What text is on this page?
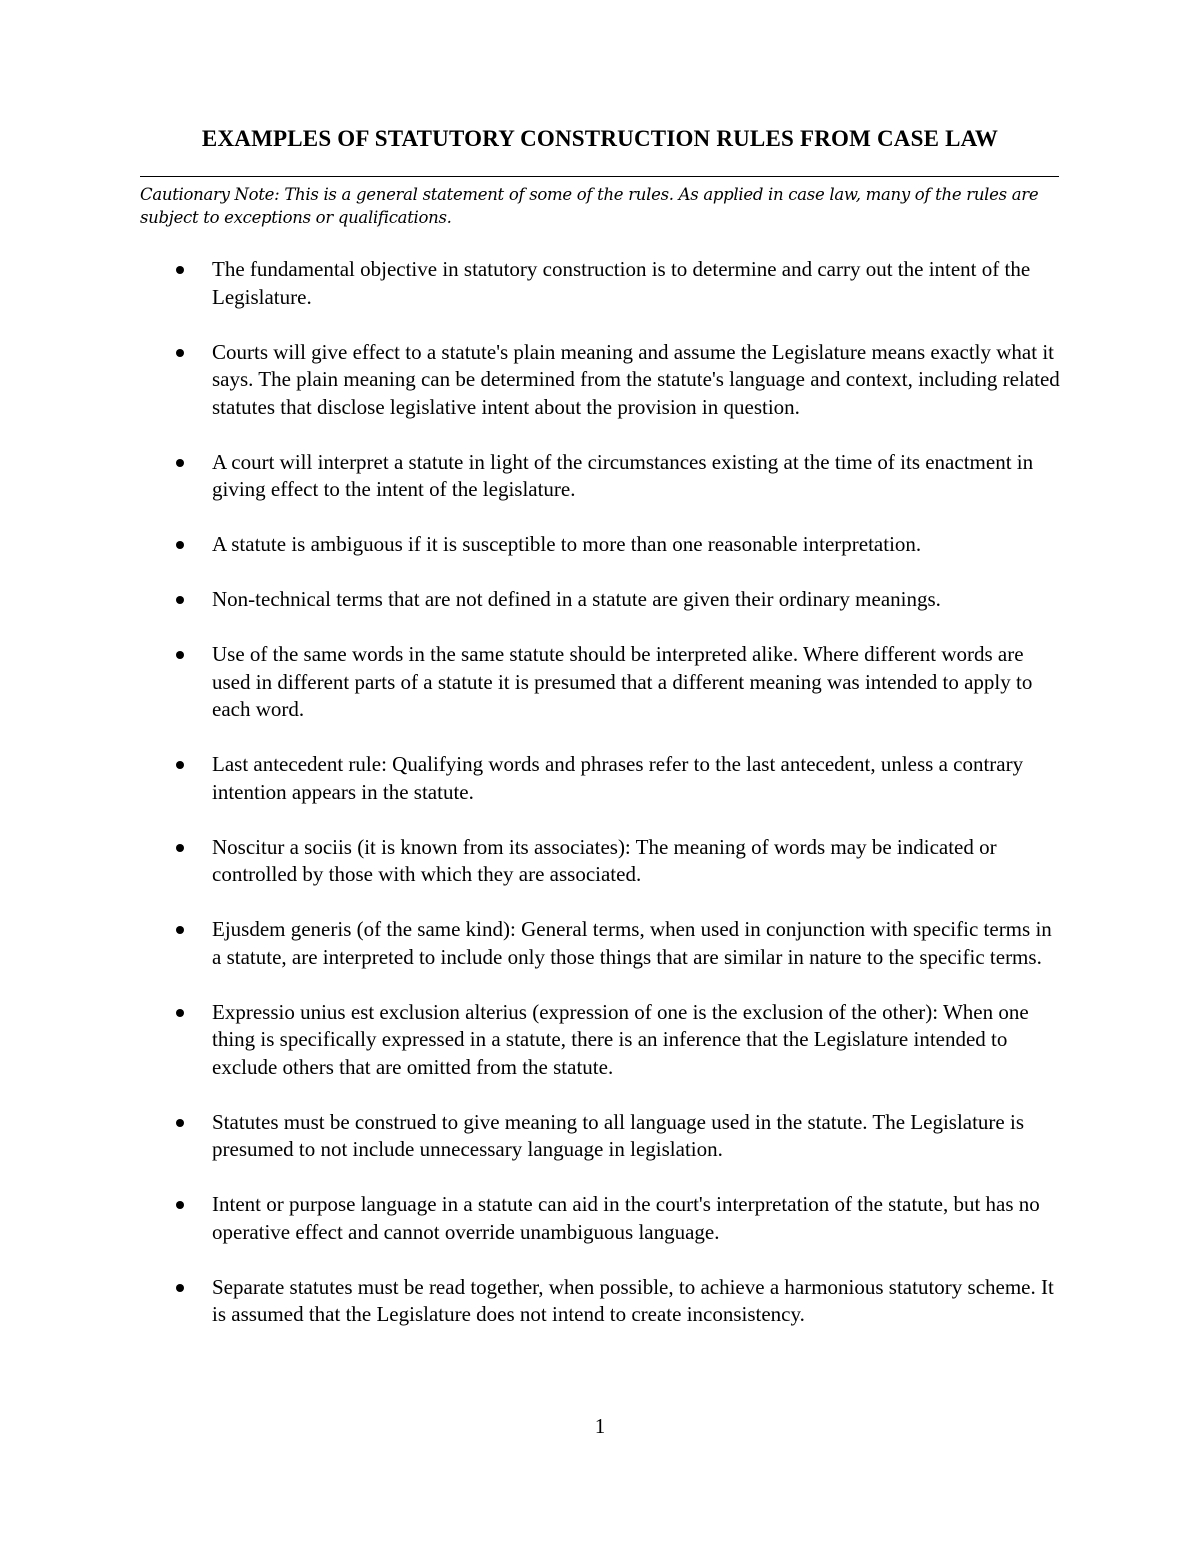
EXAMPLES OF STATUTORY CONSTRUCTION RULES FROM CASE LAW

Cautionary Note: This is a general statement of some of the rules. As applied in case law, many of the rules are subject to exceptions or qualifications.

The fundamental objective in statutory construction is to determine and carry out the intent of the Legislature.
Courts will give effect to a statute's plain meaning and assume the Legislature means exactly what it says. The plain meaning can be determined from the statute's language and context, including related statutes that disclose legislative intent about the provision in question.
A court will interpret a statute in light of the circumstances existing at the time of its enactment in giving effect to the intent of the legislature.
A statute is ambiguous if it is susceptible to more than one reasonable interpretation.
Non-technical terms that are not defined in a statute are given their ordinary meanings.
Use of the same words in the same statute should be interpreted alike. Where different words are used in different parts of a statute it is presumed that a different meaning was intended to apply to each word.
Last antecedent rule: Qualifying words and phrases refer to the last antecedent, unless a contrary intention appears in the statute.
Noscitur a sociis (it is known from its associates): The meaning of words may be indicated or controlled by those with which they are associated.
Ejusdem generis (of the same kind): General terms, when used in conjunction with specific terms in a statute, are interpreted to include only those things that are similar in nature to the specific terms.
Expressio unius est exclusion alterius (expression of one is the exclusion of the other): When one thing is specifically expressed in a statute, there is an inference that the Legislature intended to exclude others that are omitted from the statute.
Statutes must be construed to give meaning to all language used in the statute. The Legislature is presumed to not include unnecessary language in legislation.
Intent or purpose language in a statute can aid in the court's interpretation of the statute, but has no operative effect and cannot override unambiguous language.
Separate statutes must be read together, when possible, to achieve a harmonious statutory scheme. It is assumed that the Legislature does not intend to create inconsistency.
1
